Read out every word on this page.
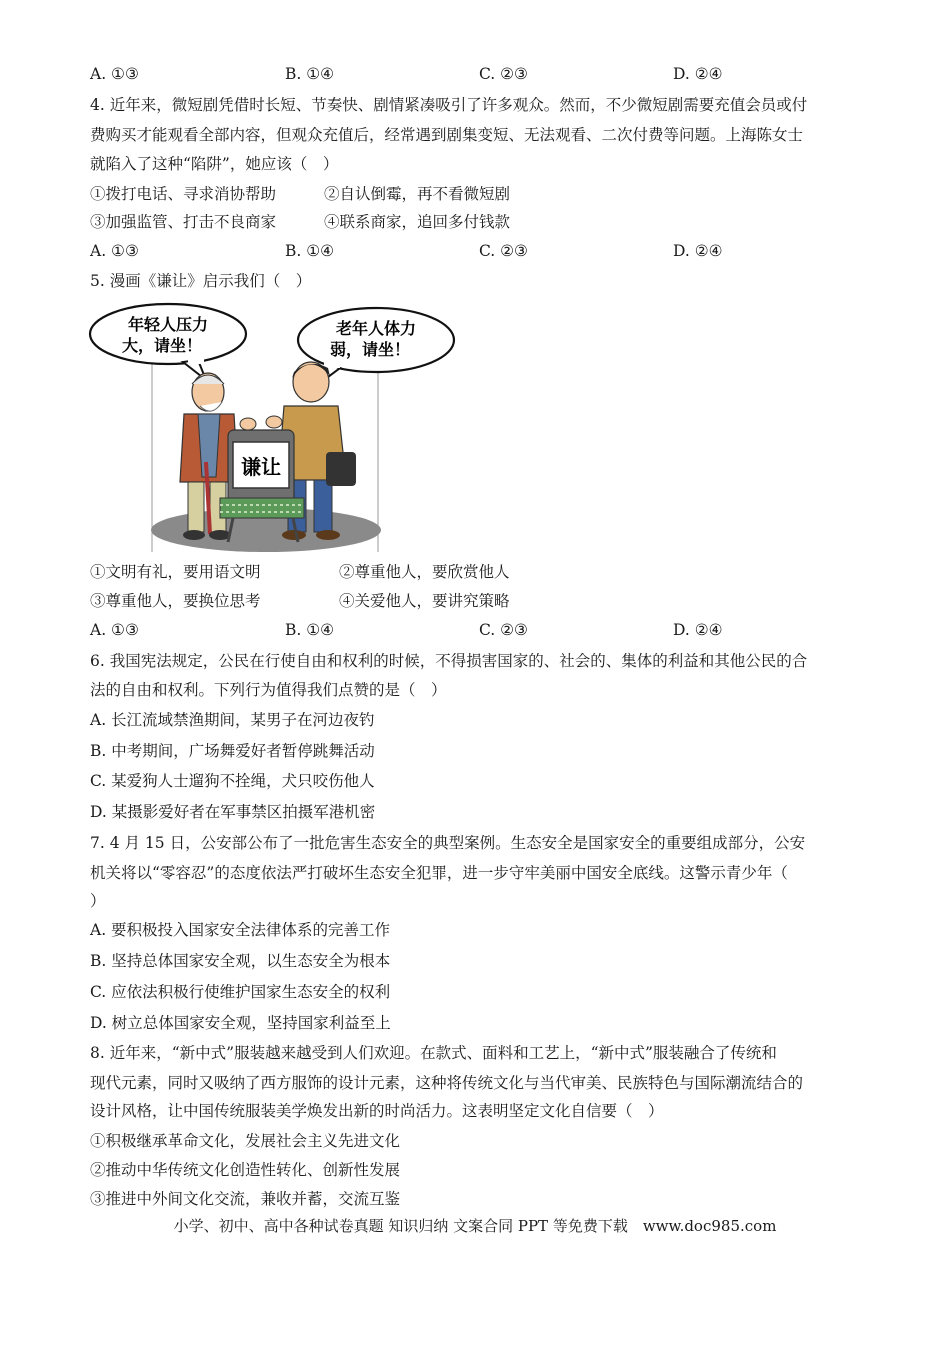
A. ①③	B. ①④	C. ②③	D. ②④
4. 近年来，微短剧凭借时长短、节奏快、剧情紧凑吸引了许多观众。然而，不少微短剧需要充值会员或付
费购买才能观看全部内容，但观众充值后，经常遇到剧集变短、无法观看、二次付费等问题。上海陈女士
就陷入了这种“陷阱”，她应该（　）
①拨打电话、寻求消协帮助	②自认倒霉，再不看微短剧
③加强监管、打击不良商家	④联系商家，追回多付钱款
A. ①③	B. ①④	C. ②③	D. ②④
5. 漫画《谦让》启示我们（　）
年轻人压力
大，请坐！
老年人体力
弱，请坐！
谦让
①文明有礼，要用语文明	②尊重他人，要欣赏他人
③尊重他人，要换位思考	④关爱他人，要讲究策略
A. ①③	B. ①④	C. ②③	D. ②④
6. 我国宪法规定，公民在行使自由和权利的时候，不得损害国家的、社会的、集体的利益和其他公民的合
法的自由和权利。下列行为值得我们点赞的是（　）
A. 长江流域禁渔期间，某男子在河边夜钓
B. 中考期间，广场舞爱好者暂停跳舞活动
C. 某爱狗人士遛狗不拴绳，犬只咬伤他人
D. 某摄影爱好者在军事禁区拍摄军港机密
7. 4 月 15 日，公安部公布了一批危害生态安全的典型案例。生态安全是国家安全的重要组成部分，公安
机关将以“零容忍”的态度依法严打破坏生态安全犯罪，进一步守牢美丽中国安全底线。这警示青少年（
）
A. 要积极投入国家安全法律体系的完善工作
B. 坚持总体国家安全观，以生态安全为根本
C. 应依法积极行使维护国家生态安全的权利
D. 树立总体国家安全观，坚持国家利益至上
8. 近年来，“新中式”服装越来越受到人们欢迎。在款式、面料和工艺上，“新中式”服装融合了传统和
现代元素，同时又吸纳了西方服饰的设计元素，这种将传统文化与当代审美、民族特色与国际潮流结合的
设计风格，让中国传统服装美学焕发出新的时尚活力。这表明坚定文化自信要（　）
①积极继承革命文化，发展社会主义先进文化
②推动中华传统文化创造性转化、创新性发展
③推进中外间文化交流，兼收并蓄，交流互鉴
小学、初中、高中各种试卷真题 知识归纳 文案合同 PPT 等免费下载　www.doc985.com
